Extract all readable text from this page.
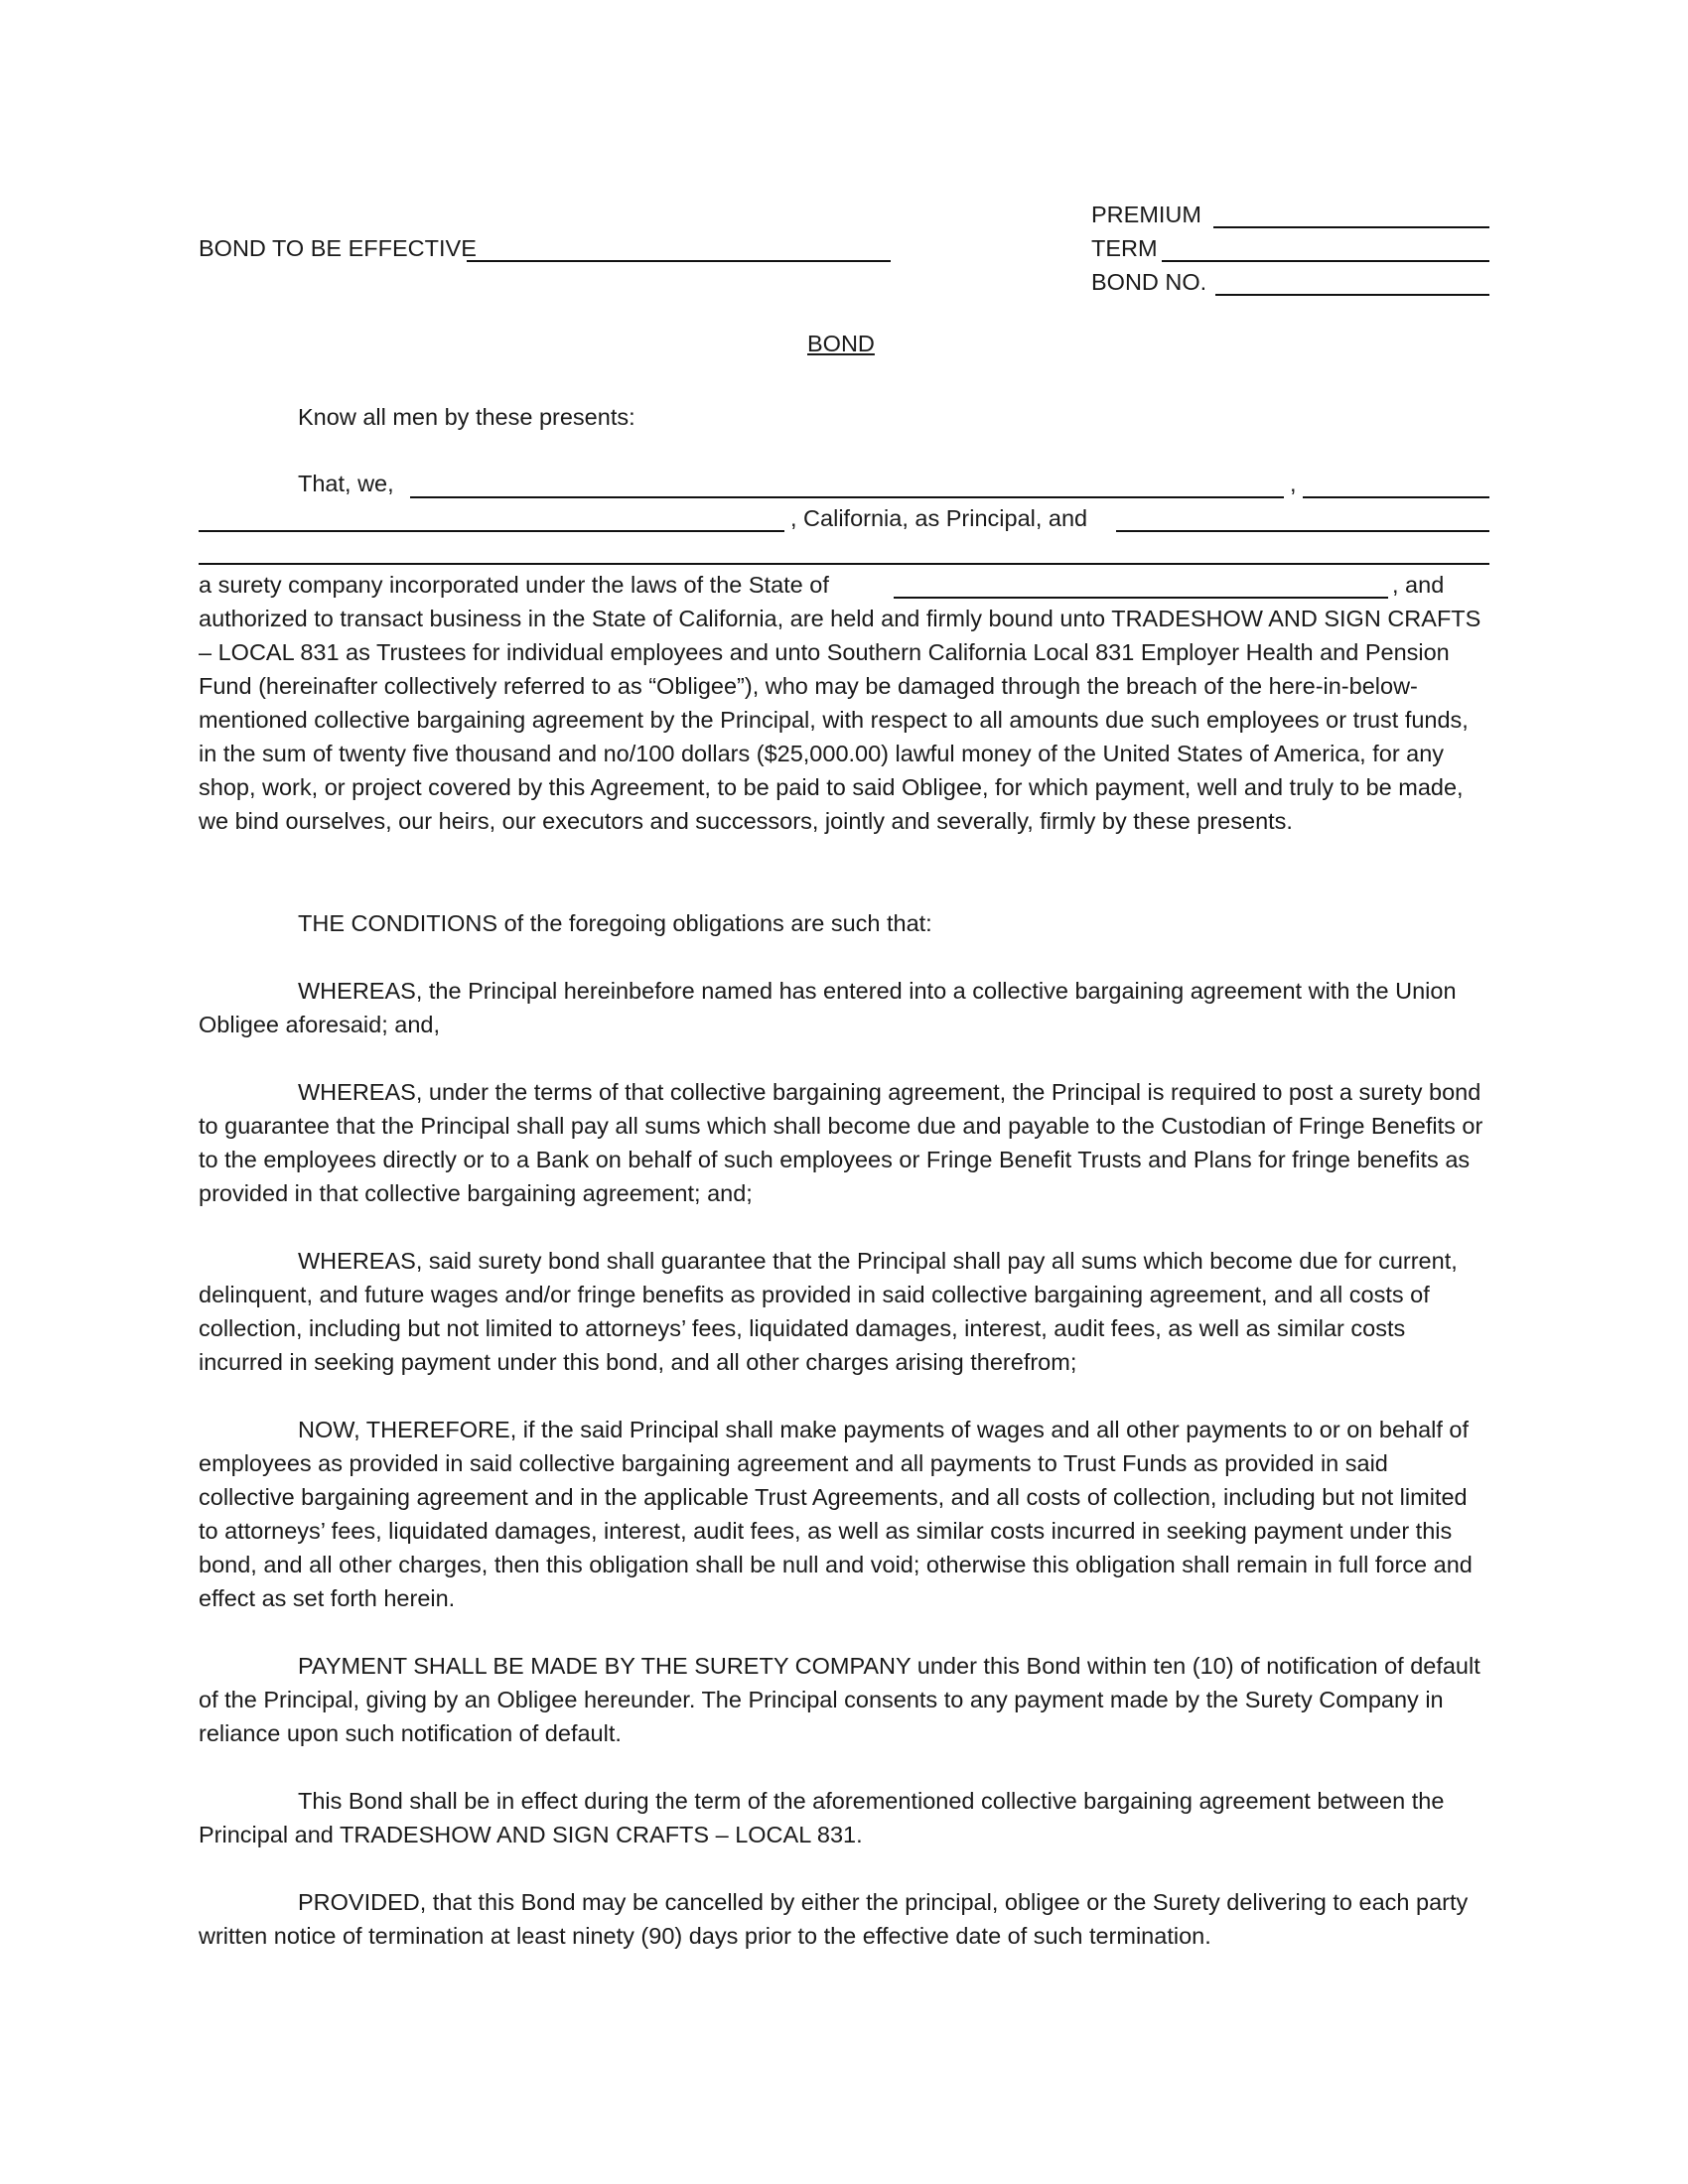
BOND TO BE EFFECTIVE
PREMIUM
TERM
BOND NO.
BOND
Know all men by these presents:
That, we,	,
, California, as Principal, and
a surety company incorporated under the laws of the State of	, and
authorized to transact business in the State of California, are held and firmly bound unto TRADESHOW AND SIGN CRAFTS – LOCAL 831 as Trustees for individual employees and unto Southern California Local 831 Employer Health and Pension Fund (hereinafter collectively referred to as “Obligee”), who may be damaged through the breach of the here-in-below-mentioned collective bargaining agreement by the Principal, with respect to all amounts due such employees or trust funds, in the sum of twenty five thousand and no/100 dollars ($25,000.00) lawful money of the United States of America, for any shop, work, or project covered by this Agreement, to be paid to said Obligee, for which payment, well and truly to be made, we bind ourselves, our heirs, our executors and successors, jointly and severally, firmly by these presents.
THE CONDITIONS of the foregoing obligations are such that:
WHEREAS, the Principal hereinbefore named has entered into a collective bargaining agreement with the Union Obligee aforesaid; and,
WHEREAS, under the terms of that collective bargaining agreement, the Principal is required to post a surety bond to guarantee that the Principal shall pay all sums which shall become due and payable to the Custodian of Fringe Benefits or to the employees directly or to a Bank on behalf of such employees or Fringe Benefit Trusts and Plans for fringe benefits as provided in that collective bargaining agreement; and;
WHEREAS, said surety bond shall guarantee that the Principal shall pay all sums which become due for current, delinquent, and future wages and/or fringe benefits as provided in said collective bargaining agreement, and all costs of collection, including but not limited to attorneys’ fees, liquidated damages, interest, audit fees, as well as similar costs incurred in seeking payment under this bond, and all other charges arising therefrom;
NOW, THEREFORE, if the said Principal shall make payments of wages and all other payments to or on behalf of employees as provided in said collective bargaining agreement and all payments to Trust Funds as provided in said collective bargaining agreement and in the applicable Trust Agreements, and all costs of collection, including but not limited to attorneys’ fees, liquidated damages, interest, audit fees, as well as similar costs incurred in seeking payment under this bond, and all other charges, then this obligation shall be null and void; otherwise this obligation shall remain in full force and effect as set forth herein.
PAYMENT SHALL BE MADE BY THE SURETY COMPANY under this Bond within ten (10) of notification of default of the Principal, giving by an Obligee hereunder. The Principal consents to any payment made by the Surety Company in reliance upon such notification of default.
This Bond shall be in effect during the term of the aforementioned collective bargaining agreement between the Principal and TRADESHOW AND SIGN CRAFTS – LOCAL 831.
PROVIDED, that this Bond may be cancelled by either the principal, obligee or the Surety delivering to each party written notice of termination at least ninety (90) days prior to the effective date of such termination.
